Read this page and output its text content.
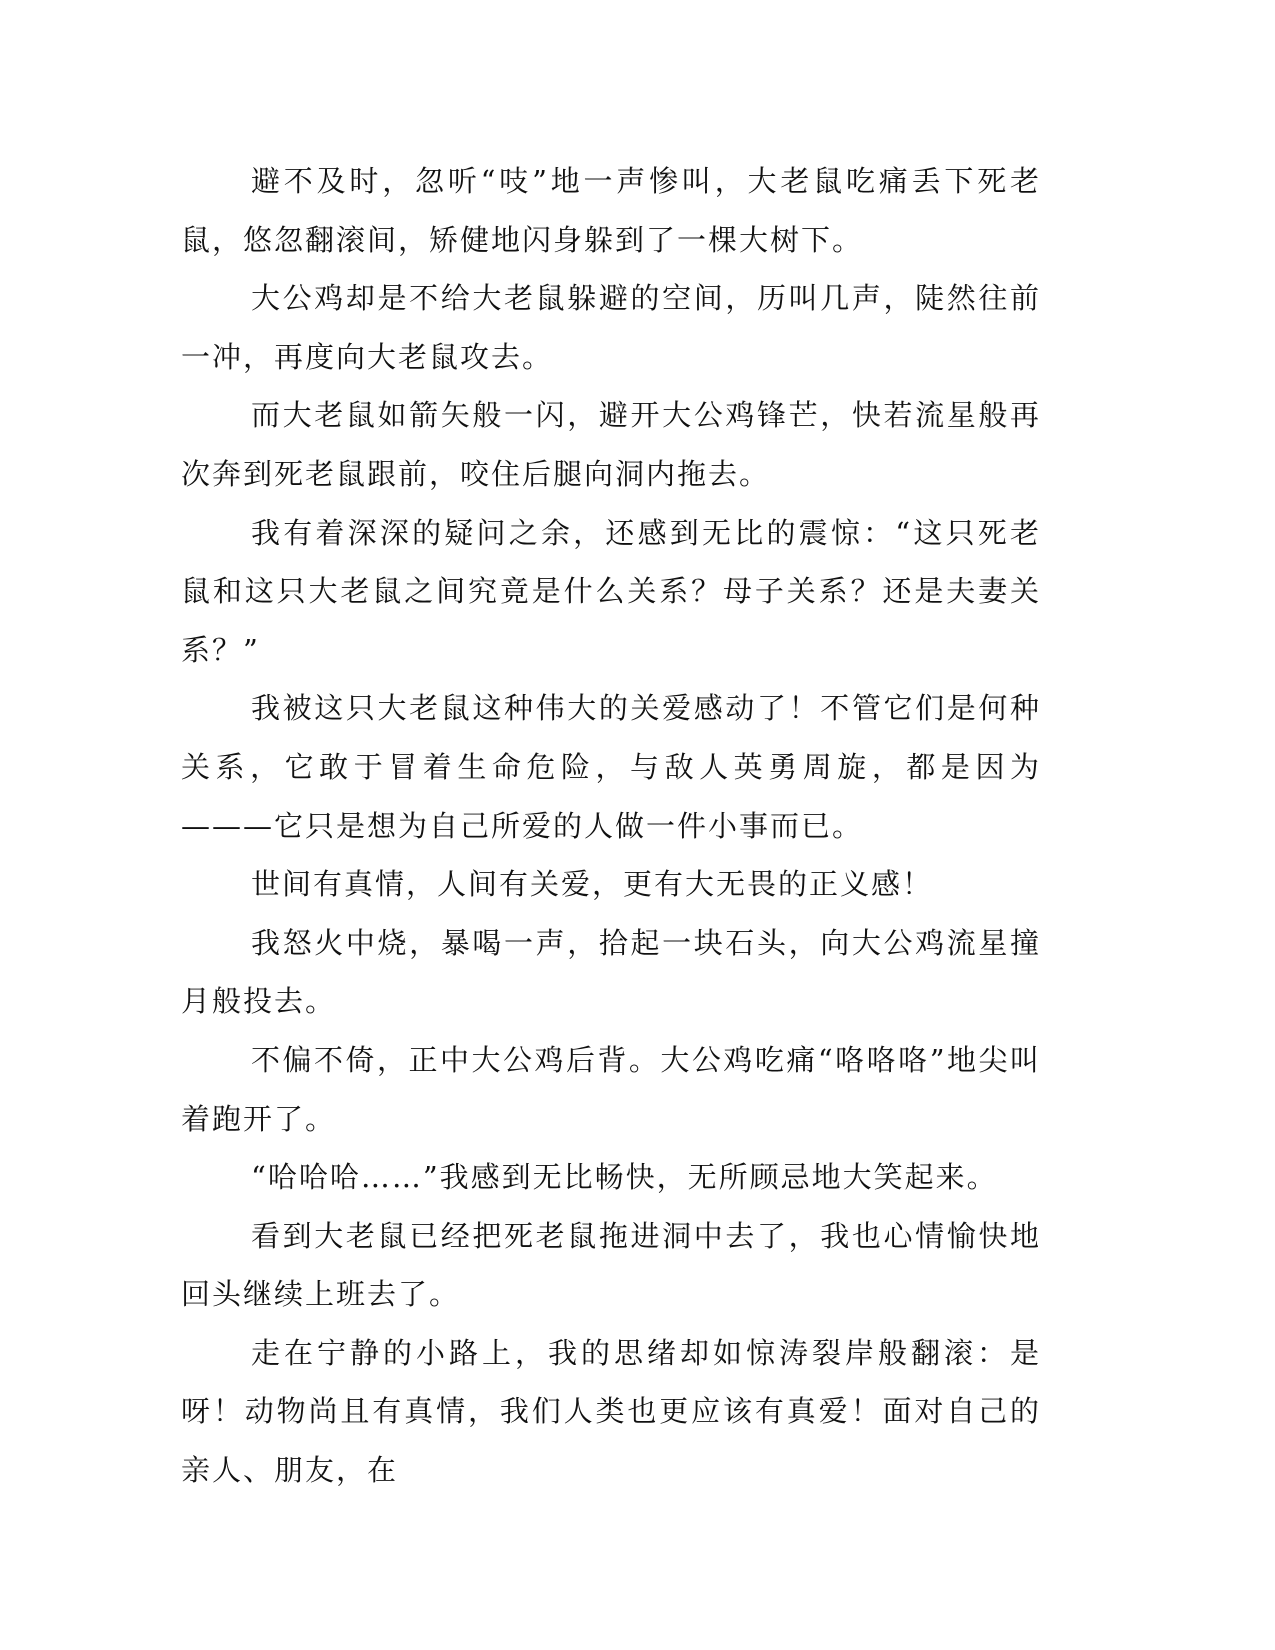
避不及时，忽听“吱”地一声惨叫，大老鼠吃痛丢下死老鼠，悠忽翻滚间，矫健地闪身躲到了一棵大树下。

大公鸡却是不给大老鼠躲避的空间，历叫几声，陡然往前一冲，再度向大老鼠攻去。

而大老鼠如箭矢般一闪，避开大公鸡锋芒，快若流星般再次奔到死老鼠跟前，咬住后腿向洞内拖去。

我有着深深的疑问之余，还感到无比的震惊：“这只死老鼠和这只大老鼠之间究竟是什么关系？母子关系？还是夫妻关系？”

我被这只大老鼠这种伟大的关爱感动了！不管它们是何种关系，它敢于冒着生命危险，与敌人英勇周旋，都是因为———它只是想为自己所爱的人做一件小事而已。

世间有真情，人间有关爱，更有大无畏的正义感！

我怒火中烧，暴喝一声，拾起一块石头，向大公鸡流星撞月般投去。

不偏不倚，正中大公鸡后背。大公鸡吃痛“咯咯咯”地尖叫着跑开了。

“哈哈哈……”我感到无比畅快，无所顾忌地大笑起来。

看到大老鼠已经把死老鼠拖进洞中去了，我也心情愉快地回头继续上班去了。

走在宁静的小路上，我的思绪却如惊涛裂岸般翻滚：是呀！动物尚且有真情，我们人类也更应该有真爱！面对自己的亲人、朋友，在
